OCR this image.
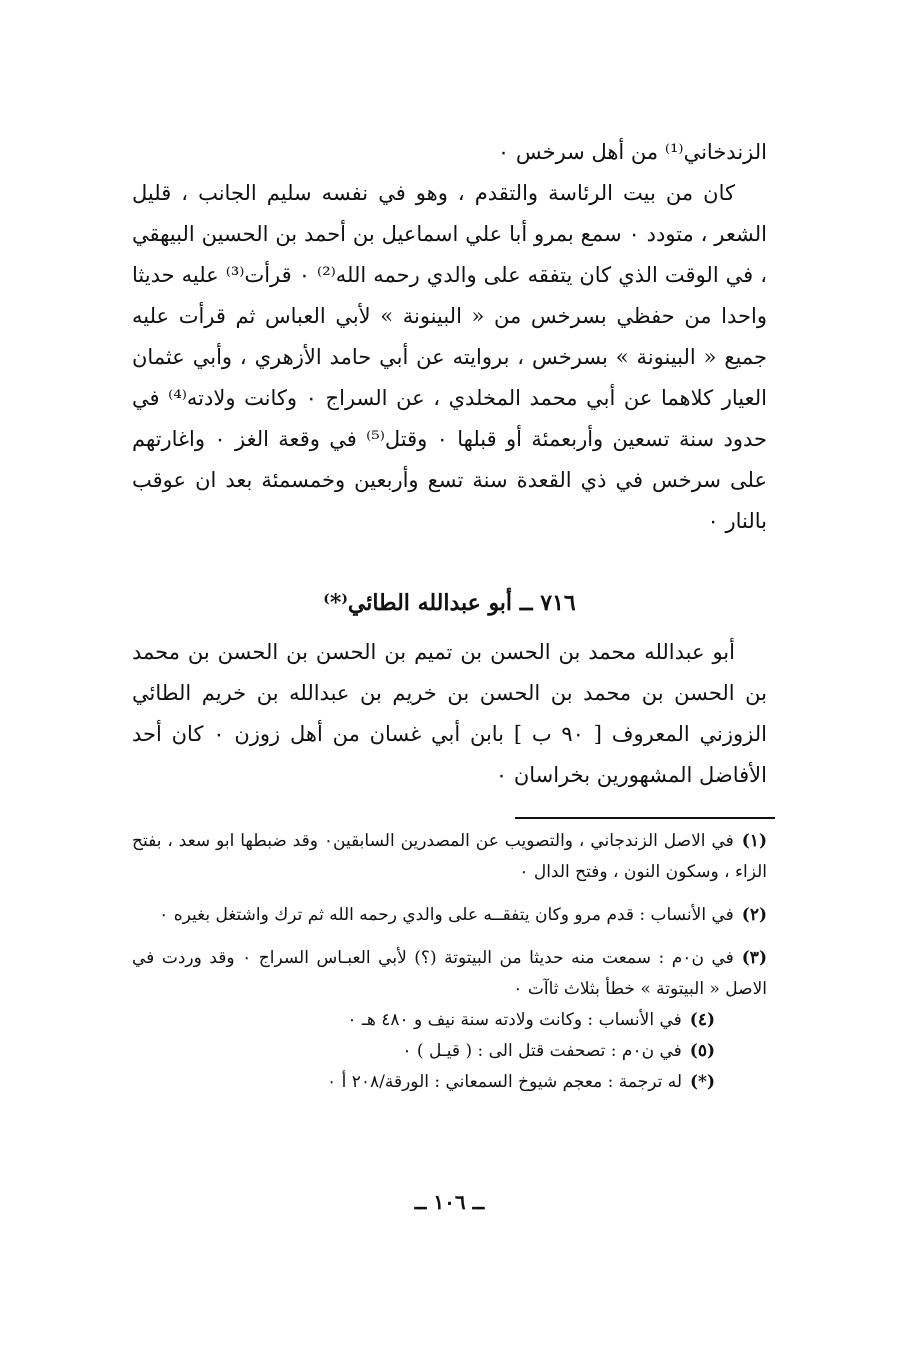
الزندخاني⁽¹⁾ من أهل سرخس ۰

كان من بيت الرئاسة والتقدم ، وهو في نفسه سليم الجانب ، قليل الشعر ، متودد ۰ سمع بمرو أبا علي اسماعيل بن أحمد بن الحسين البيهقي ، في الوقت الذي كان يتفقه على والدي رحمه الله⁽²⁾ ۰ قرأت⁽³⁾ عليه حديثا واحدا من حفظي بسرخس من « البينونة » لأبي العباس ثم قرأت عليه جميع « البينونة » بسرخس ، بروايته عن أبي حامد الأزهري ، وأبي عثمان العيار كلاهما عن أبي محمد المخلدي ، عن السراج ۰ وكانت ولادته⁽⁴⁾ في حدود سنة تسعين وأربعمئة أو قبلها ۰ وقتل⁽⁵⁾ في وقعة الغز ۰ واغارتهم على سرخس في ذي القعدة سنة تسع وأربعين وخمسمئة بعد ان عوقب بالنار ۰

٧١٦ ــ أبو عبدالله الطائي⁽*⁾

أبو عبدالله محمد بن الحسن بن تميم بن الحسن بن الحسن بن محمد بن الحسن بن محمد بن الحسن بن خريم بن عبدالله بن خريم الطائي الزوزني المعروف [ ٩٠ ب ] بابن أبي غسان من أهل زوزن ۰ كان أحد الأفاضل المشهورين بخراسان ۰

(١)في الاصل الزندجاني ، والتصويب عن المصدرين السابقين۰ وقد ضبطها ابو سعد ، بفتح الزاء ، وسكون النون ، وفتح الدال ۰

(٢)في الأنساب : قدم مرو وكان يتفقــه على والدي رحمه الله ثم ترك واشتغل بغيره ۰

(٣)في ن۰م : سمعت منه حديثا من البيتوتة (؟) لأبي العبـاس السراج ۰ وقد وردت في الاصل « البيتوتة » خطأ بثلاث ثاآت ۰

(٤)في الأنساب : وكانت ولادته سنة نيف و ٤٨٠ هـ ۰

(٥)في ن۰م : تصحفت قتل الى : ( قيـل ) ۰

(*)له ترجمة : معجم شيوخ السمعاني : الورقة/٢٠٨ أ ۰

ــ ١٠٦ ــ
